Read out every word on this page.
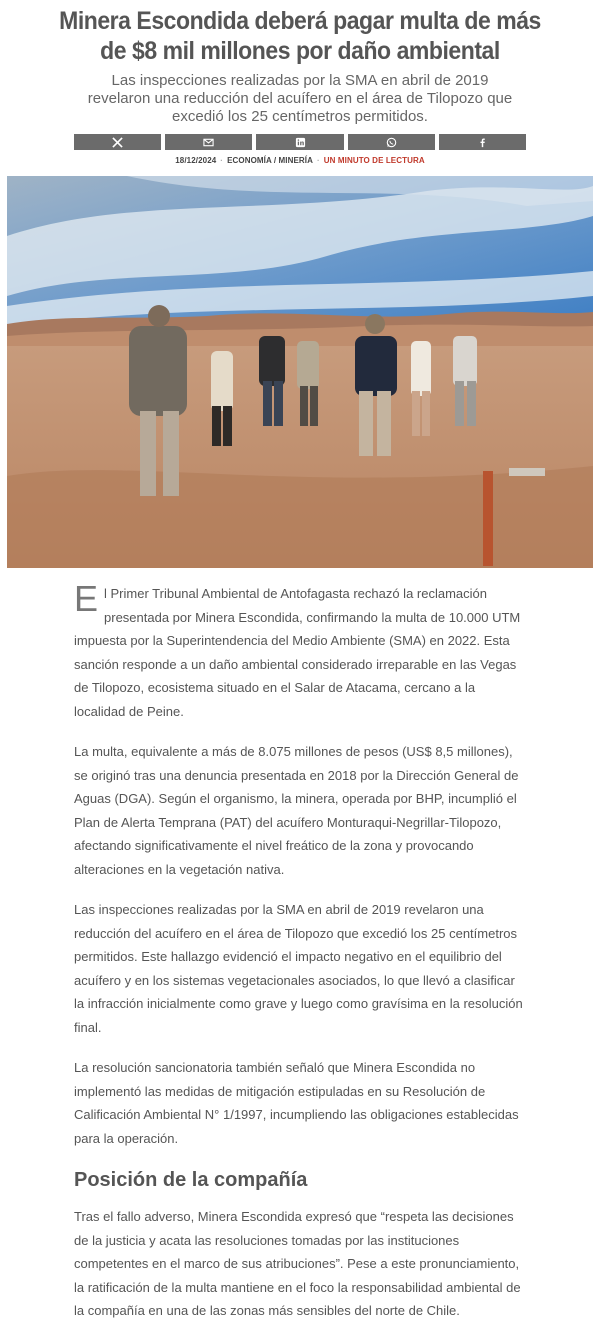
Minera Escondida deberá pagar multa de más de $8 mil millones por daño ambiental
Las inspecciones realizadas por la SMA en abril de 2019 revelaron una reducción del acuífero en el área de Tilopozo que excedió los 25 centímetros permitidos.
18/12/2024 · ECONOMÍA / MINERÍA · UN MINUTO DE LECTURA

El Primer Tribunal Ambiental de Antofagasta rechazó la reclamación presentada por Minera Escondida, confirmando la multa de 10.000 UTM impuesta por la Superintendencia del Medio Ambiente (SMA) en 2022. Esta sanción responde a un daño ambiental considerado irreparable en las Vegas de Tilopozo, ecosistema situado en el Salar de Atacama, cercano a la localidad de Peine.

La multa, equivalente a más de 8.075 millones de pesos (US$ 8,5 millones), se originó tras una denuncia presentada en 2018 por la Dirección General de Aguas (DGA). Según el organismo, la minera, operada por BHP, incumplió el Plan de Alerta Temprana (PAT) del acuífero Monturaqui-Negrillar-Tilopozo, afectando significativamente el nivel freático de la zona y provocando alteraciones en la vegetación nativa.

Las inspecciones realizadas por la SMA en abril de 2019 revelaron una reducción del acuífero en el área de Tilopozo que excedió los 25 centímetros permitidos. Este hallazgo evidenció el impacto negativo en el equilibrio del acuífero y en los sistemas vegetacionales asociados, lo que llevó a clasificar la infracción inicialmente como grave y luego como gravísima en la resolución final.

La resolución sancionatoria también señaló que Minera Escondida no implementó las medidas de mitigación estipuladas en su Resolución de Calificación Ambiental N° 1/1997, incumpliendo las obligaciones establecidas para la operación.

Posición de la compañía

Tras el fallo adverso, Minera Escondida expresó que “respeta las decisiones de la justicia y acata las resoluciones tomadas por las instituciones competentes en el marco de sus atribuciones”. Pese a este pronunciamiento, la ratificación de la multa mantiene en el foco la responsabilidad ambiental de la compañía en una de las zonas más sensibles del norte de Chile.
